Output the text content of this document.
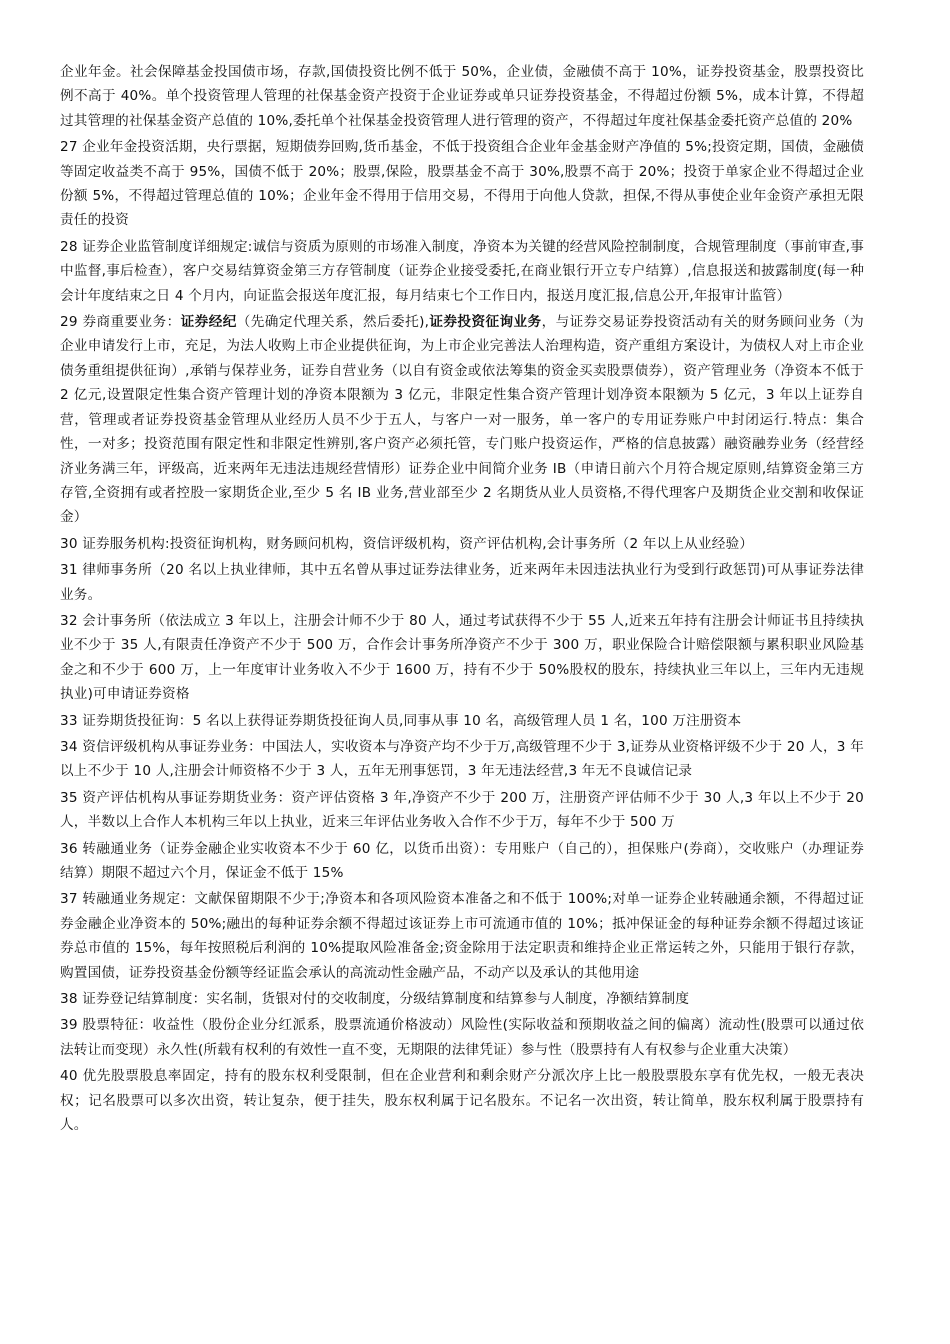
企业年金。社会保障基金投国债市场，存款,国债投资比例不低于 50%，企业债，金融债不高于 10%，证券投资基金，股票投资比例不高于 40%。单个投资管理人管理的社保基金资产投资于企业证券或单只证券投资基金，不得超过份额 5%，成本计算，不得超过其管理的社保基金资产总值的 10%,委托单个社保基金投资管理人进行管理的资产，不得超过年度社保基金委托资产总值的 20%

27 企业年金投资活期，央行票据，短期债券回购,货币基金，不低于投资组合企业年金基金财产净值的 5%;投资定期，国债，金融债等固定收益类不高于 95%，国债不低于 20%；股票,保险，股票基金不高于 30%,股票不高于 20%；投资于单家企业不得超过企业份额 5%，不得超过管理总值的 10%；企业年金不得用于信用交易，不得用于向他人贷款，担保,不得从事使企业年金资产承担无限责任的投资

28 证券企业监管制度详细规定:诚信与资质为原则的市场准入制度，净资本为关键的经营风险控制制度，合规管理制度（事前审查,事中监督,事后检查），客户交易结算资金第三方存管制度（证券企业接受委托,在商业银行开立专户结算）,信息报送和披露制度(每一种会计年度结束之日 4 个月内，向证监会报送年度汇报，每月结束七个工作日内，报送月度汇报,信息公开,年报审计监管）

29 券商重要业务：证券经纪（先确定代理关系，然后委托),证券投资征询业务，与证券交易证券投资活动有关的财务顾问业务（为企业申请发行上市，充足，为法人收购上市企业提供征询，为上市企业完善法人治理构造，资产重组方案设计，为债权人对上市企业债务重组提供征询）,承销与保荐业务，证券自营业务（以自有资金或依法筹集的资金买卖股票债券），资产管理业务（净资本不低于 2 亿元,设置限定性集合资产管理计划的净资本限额为 3 亿元，非限定性集合资产管理计划净资本限额为 5 亿元，3 年以上证券自营，管理或者证券投资基金管理从业经历人员不少于五人，与客户一对一服务，单一客户的专用证券账户中封闭运行.特点：集合性，一对多；投资范围有限定性和非限定性辨别,客户资产必须托管，专门账户投资运作，严格的信息披露）融资融券业务（经营经济业务满三年，评级高，近来两年无违法违规经营情形）证券企业中间简介业务 IB（申请日前六个月符合规定原则,结算资金第三方存管,全资拥有或者控股一家期货企业,至少 5 名 IB 业务,营业部至少 2 名期货从业人员资格,不得代理客户及期货企业交割和收保证金）

30 证券服务机构:投资征询机构，财务顾问机构，资信评级机构，资产评估机构,会计事务所（2 年以上从业经验）

31 律师事务所（20 名以上执业律师，其中五名曾从事过证券法律业务，近来两年未因违法执业行为受到行政惩罚)可从事证券法律业务。

32 会计事务所（依法成立 3 年以上，注册会计师不少于 80 人，通过考试获得不少于 55 人,近来五年持有注册会计师证书且持续执业不少于 35 人,有限责任净资产不少于 500 万，合作会计事务所净资产不少于 300 万，职业保险合计赔偿限额与累积职业风险基金之和不少于 600 万，上一年度审计业务收入不少于 1600 万，持有不少于 50%股权的股东，持续执业三年以上，三年内无违规执业)可申请证券资格

33 证券期货投征询：5 名以上获得证券期货投征询人员,同事从事 10 名，高级管理人员 1 名，100 万注册资本

34 资信评级机构从事证券业务：中国法人，实收资本与净资产均不少于万,高级管理不少于 3,证券从业资格评级不少于 20 人，3 年以上不少于 10 人,注册会计师资格不少于 3 人，五年无刑事惩罚，3 年无违法经营,3 年无不良诚信记录

35 资产评估机构从事证券期货业务：资产评估资格 3 年,净资产不少于 200 万，注册资产评估师不少于 30 人,3 年以上不少于 20 人，半数以上合作人本机构三年以上执业，近来三年评估业务收入合作不少于万，每年不少于 500 万

36 转融通业务（证券金融企业实收资本不少于 60 亿，以货币出资）：专用账户（自己的），担保账户(券商），交收账户（办理证券结算）期限不超过六个月，保证金不低于 15%

37 转融通业务规定：文献保留期限不少于;净资本和各项风险资本准备之和不低于 100%;对单一证券企业转融通余额，不得超过证券金融企业净资本的 50%;融出的每种证券余额不得超过该证券上市可流通市值的 10%；抵冲保证金的每种证券余额不得超过该证券总市值的 15%，每年按照税后利润的 10%提取风险准备金;资金除用于法定职责和维持企业正常运转之外，只能用于银行存款，购置国债，证券投资基金份额等经证监会承认的高流动性金融产品，不动产以及承认的其他用途

38 证券登记结算制度：实名制，货银对付的交收制度，分级结算制度和结算参与人制度，净额结算制度

39 股票特征：收益性（股份企业分红派系，股票流通价格波动）风险性(实际收益和预期收益之间的偏离）流动性(股票可以通过依法转让而变现）永久性(所载有权利的有效性一直不变，无期限的法律凭证）参与性（股票持有人有权参与企业重大决策）

40 优先股票股息率固定，持有的股东权利受限制，但在企业营利和剩余财产分派次序上比一般股票股东享有优先权，一般无表决权；记名股票可以多次出资，转让复杂，便于挂失，股东权利属于记名股东。不记名一次出资，转让简单，股东权利属于股票持有人。
